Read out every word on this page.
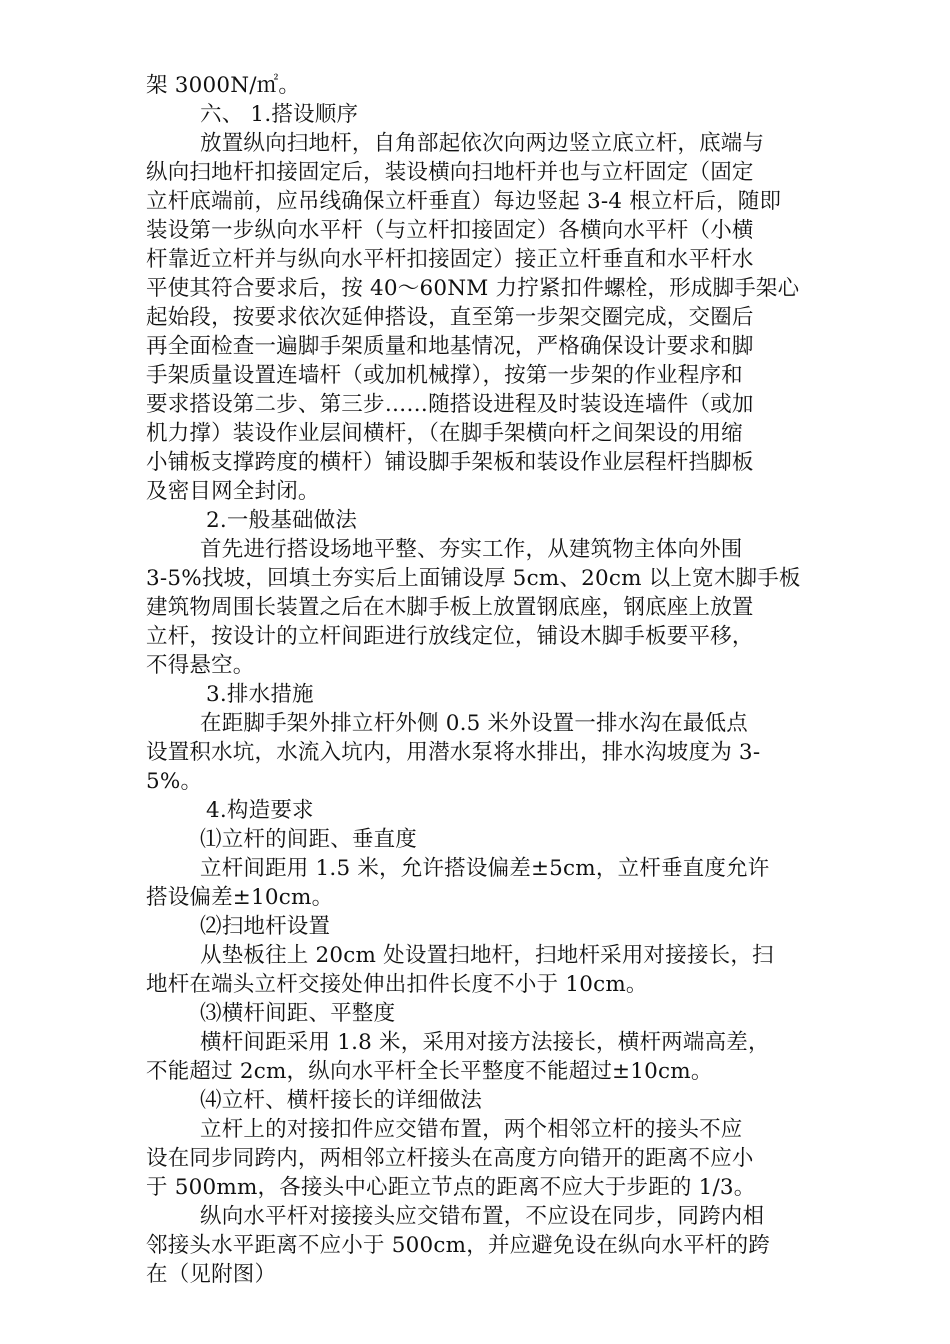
架 3000N/㎡。
六、 1.搭设顺序
放置纵向扫地杆，自角部起依次向两边竖立底立杆，底端与
纵向扫地杆扣接固定后，装设横向扫地杆并也与立杆固定（固定
立杆底端前，应吊线确保立杆垂直）每边竖起 3-4 根立杆后，随即
装设第一步纵向水平杆（与立杆扣接固定）各横向水平杆（小横
杆靠近立杆并与纵向水平杆扣接固定）接正立杆垂直和水平杆水
平使其符合要求后，按 40～60NM 力拧紧扣件螺栓，形成脚手架心
起始段，按要求依次延伸搭设，直至第一步架交圈完成，交圈后
再全面检查一遍脚手架质量和地基情况，严格确保设计要求和脚
手架质量设置连墙杆（或加机械撑），按第一步架的作业程序和
要求搭设第二步、第三步……随搭设进程及时装设连墙件（或加
机力撑）装设作业层间横杆，（在脚手架横向杆之间架设的用缩
小铺板支撑跨度的横杆）铺设脚手架板和装设作业层程杆挡脚板
及密目网全封闭。
2.一般基础做法
首先进行搭设场地平整、夯实工作，从建筑物主体向外围
3-5%找坡，回填土夯实后上面铺设厚 5cm、20cm 以上宽木脚手板
建筑物周围长装置之后在木脚手板上放置钢底座，钢底座上放置
立杆，按设计的立杆间距进行放线定位，铺设木脚手板要平移，
不得悬空。
3.排水措施
在距脚手架外排立杆外侧 0.5 米外设置一排水沟在最低点
设置积水坑，水流入坑内，用潜水泵将水排出，排水沟坡度为 3-
5%。
4.构造要求
⑴立杆的间距、垂直度
立杆间距用 1.5 米，允许搭设偏差±5cm，立杆垂直度允许
搭设偏差±10cm。
⑵扫地杆设置
从垫板往上 20cm 处设置扫地杆，扫地杆采用对接接长，扫
地杆在端头立杆交接处伸出扣件长度不小于 10cm。
⑶横杆间距、平整度
横杆间距采用 1.8 米，采用对接方法接长，横杆两端高差，
不能超过 2cm，纵向水平杆全长平整度不能超过±10cm。
⑷立杆、横杆接长的详细做法
立杆上的对接扣件应交错布置，两个相邻立杆的接头不应
设在同步同跨内，两相邻立杆接头在高度方向错开的距离不应小
于 500mm，各接头中心距立节点的距离不应大于步距的 1/3。
纵向水平杆对接接头应交错布置，不应设在同步，同跨内相
邻接头水平距离不应小于 500cm，并应避免设在纵向水平杆的跨
在（见附图）
